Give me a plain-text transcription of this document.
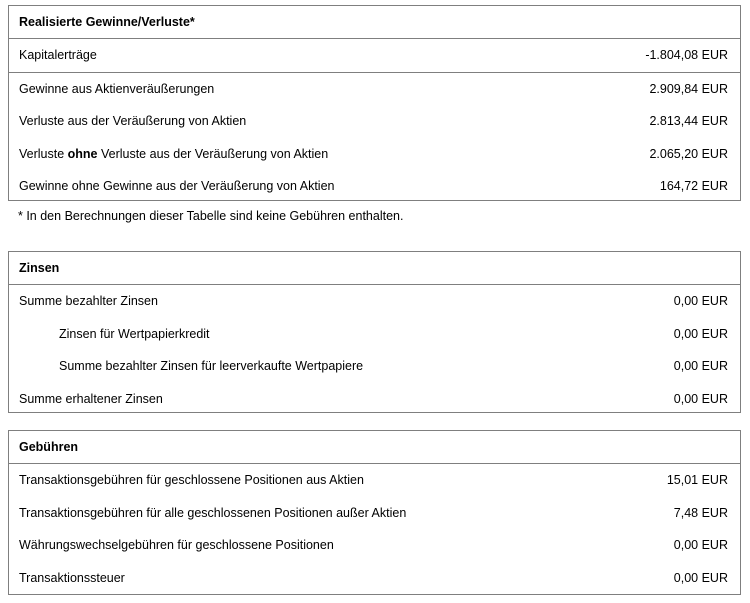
Realisierte Gewinne/Verluste*
Kapitalerträge	-1.804,08 EUR
Gewinne aus Aktienveräußerungen	2.909,84 EUR
Verluste aus der Veräußerung von Aktien	2.813,44 EUR
Verluste ohne Verluste aus der Veräußerung von Aktien	2.065,20 EUR
Gewinne ohne Gewinne aus der Veräußerung von Aktien	164,72 EUR
* In den Berechnungen dieser Tabelle sind keine Gebühren enthalten.
Zinsen
Summe bezahlter Zinsen	0,00 EUR
Zinsen für Wertpapierkredit	0,00 EUR
Summe bezahlter Zinsen für leerverkaufte Wertpapiere	0,00 EUR
Summe erhaltener Zinsen	0,00 EUR
Gebühren
Transaktionsgebühren für geschlossene Positionen aus Aktien	15,01 EUR
Transaktionsgebühren für alle geschlossenen Positionen außer Aktien	7,48 EUR
Währungswechselgebühren für geschlossene Positionen	0,00 EUR
Transaktionssteuer	0,00 EUR
